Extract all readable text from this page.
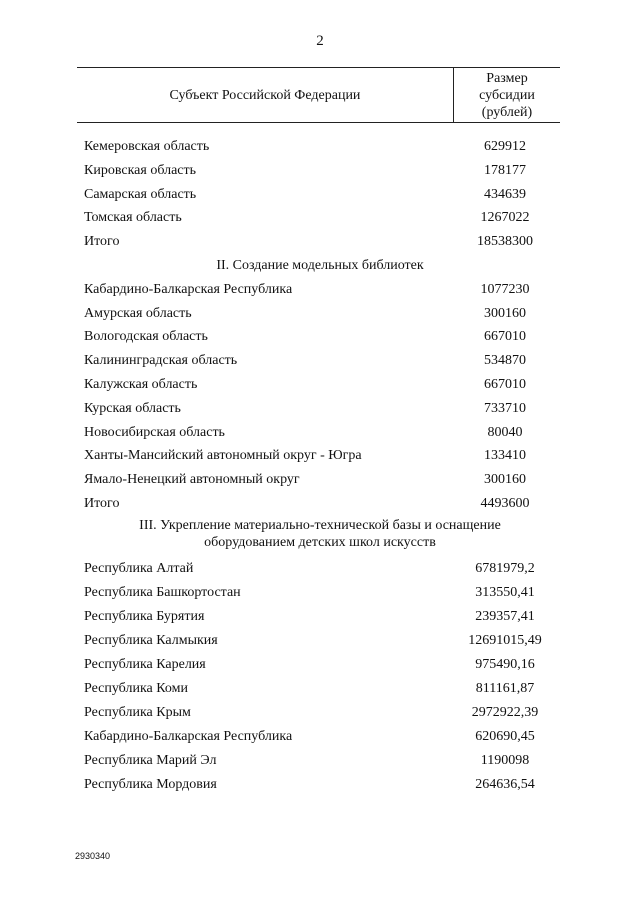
2
Субъект Российской Федерации
Размер
субсидии
(рублей)
Кемеровская область	629912
Кировская область	178177
Самарская область	434639
Томская область	1267022
Итого	18538300
II. Создание модельных библиотек
Кабардино-Балкарская Республика	1077230
Амурская область	300160
Вологодская область	667010
Калининградская область	534870
Калужская область	667010
Курская область	733710
Новосибирская область	80040
Ханты-Мансийский автономный округ - Югра	133410
Ямало-Ненецкий автономный округ	300160
Итого	4493600
III. Укрепление материально-технической базы и оснащение
оборудованием детских школ искусств
Республика Алтай	6781979,2
Республика Башкортостан	313550,41
Республика Бурятия	239357,41
Республика Калмыкия	12691015,49
Республика Карелия	975490,16
Республика Коми	811161,87
Республика Крым	2972922,39
Кабардино-Балкарская Республика	620690,45
Республика Марий Эл	1190098
Республика Мордовия	264636,54
2930340
